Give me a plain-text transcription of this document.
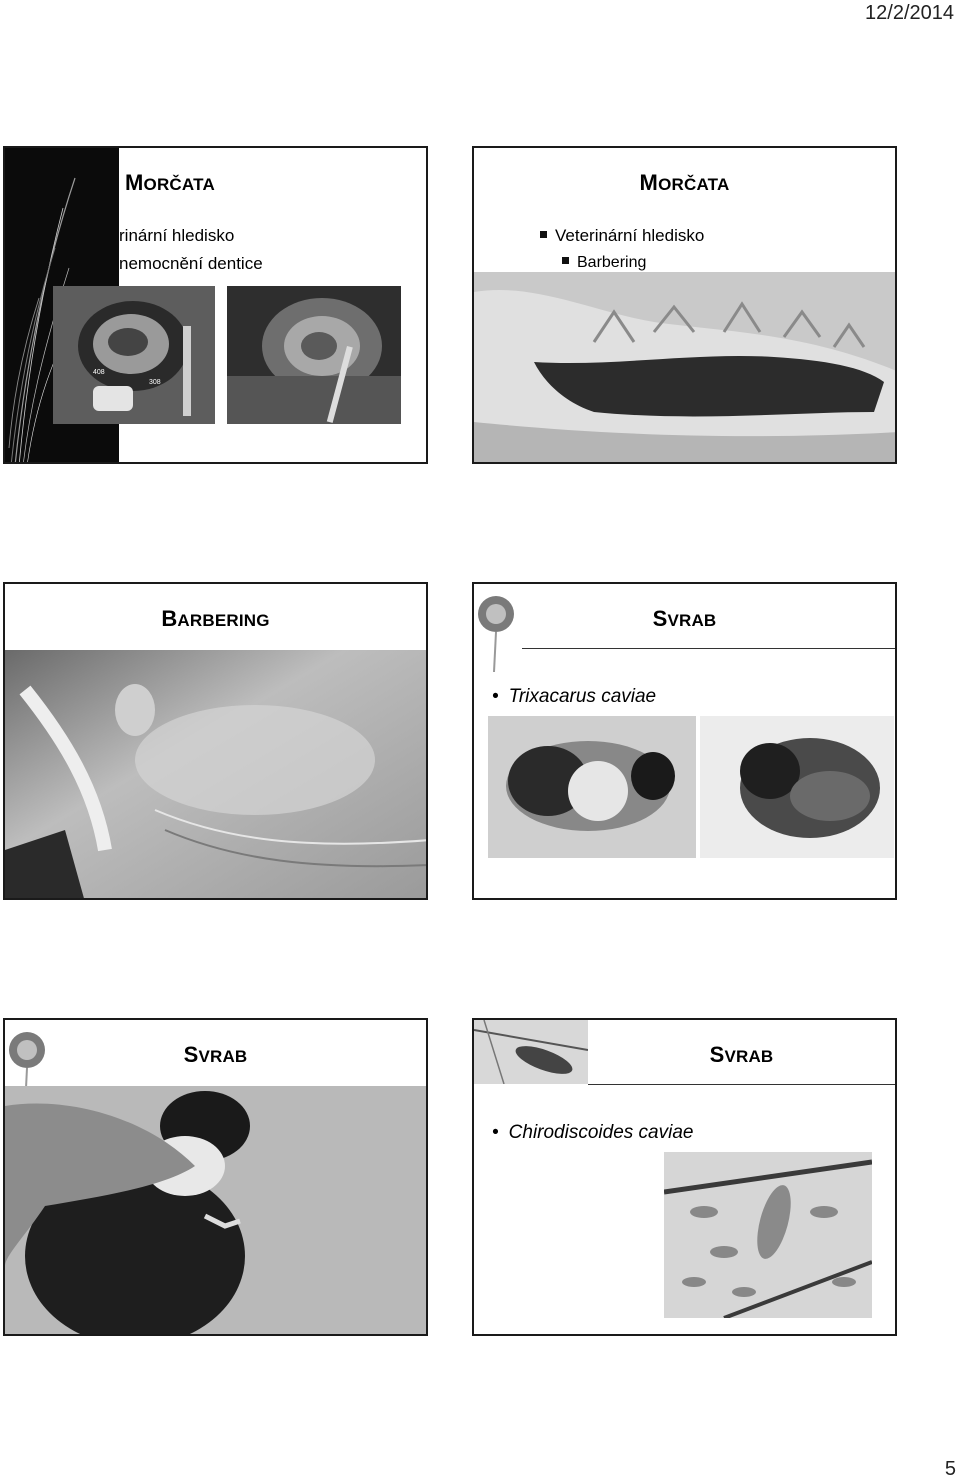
12/2/2014
MORČATA
rinární hledisko
nemocnění dentice
408
308
MORČATA
Veterinární hledisko
Barbering
BARBERING	SVRAB
• Trixacarus caviae
SVRAB	SVRAB
• Chirodiscoides caviae
5
